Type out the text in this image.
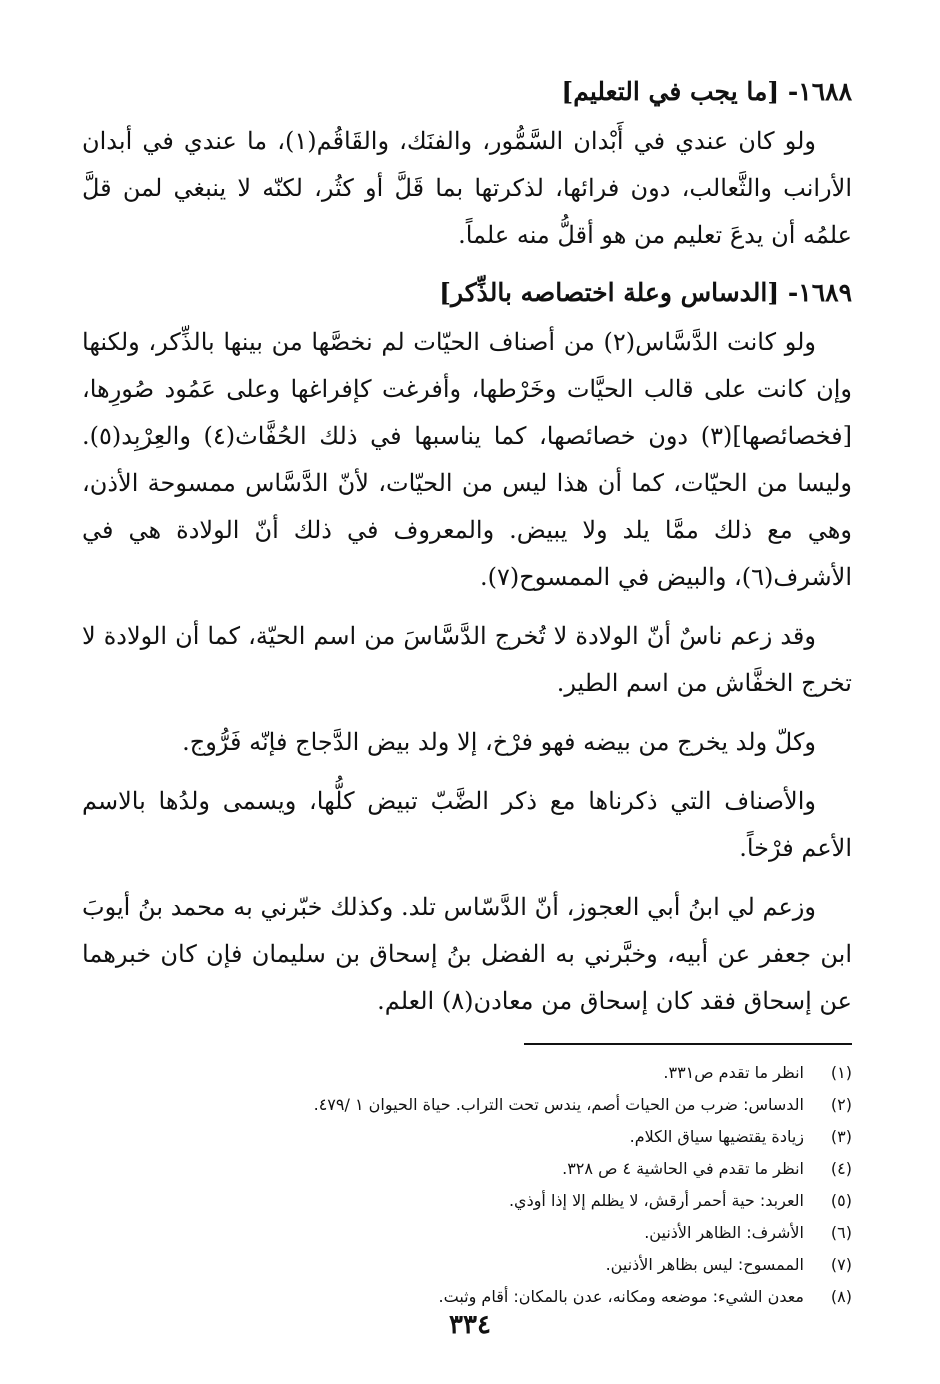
١٦٨٨- [ما يجب في التعليم]

ولو كان عندي في أَبْدان السَّمُّور، والفنَك، والقَاقُم(١)، ما عندي في أبدان الأرانب والثَّعالب، دون فرائها، لذكرتها بما قَلَّ أو كثُر، لكنّه لا ينبغي لمن قلَّ علمُه أن يدعَ تعليم من هو أقلُّ منه علماً.

١٦٨٩- [الدساس وعلة اختصاصه بالذِّكر]

ولو كانت الدَّسَّاس(٢) من أصناف الحيّات لم نخصَّها من بينها بالذِّكر، ولكنها وإن كانت على قالب الحيَّات وخَرْطها، وأفرغت كإفراغها وعلى عَمُود صُورِها، [فخصائصها](٣) دون خصائصها، كما يناسبها في ذلك الحُفَّاث(٤) والعِرْبِد(٥). وليسا من الحيّات، كما أن هذا ليس من الحيّات، لأنّ الدَّسَّاس ممسوحة الأذن، وهي مع ذلك ممَّا يلد ولا يبيض. والمعروف في ذلك أنّ الولادة هي في الأشرف(٦)، والبيض في الممسوح(٧).

وقد زعم ناسٌ أنّ الولادة لا تُخرج الدَّسَّاسَ من اسم الحيّة، كما أن الولادة لا تخرج الخفَّاش من اسم الطير.

وكلّ ولد يخرج من بيضه فهو فرْخ، إلا ولد بيض الدَّجاج فإنّه فَرُّوج.

والأصناف التي ذكرناها مع ذكر الضَّبّ تبيض كلُّها، ويسمى ولدُها بالاسم الأعم فرْخاً.

وزعم لي ابنُ أبي العجوز، أنّ الدَّسّاس تلد. وكذلك خبّرني به محمد بنُ أيوبَ ابن جعفر عن أبيه، وخبَّرني به الفضل بنُ إسحاق بن سليمان فإن كان خبرهما عن إسحاق فقد كان إسحاق من معادن(٨) العلم.

(١)
انظر ما تقدم ص٣٣١.
(٢)
الدساس: ضرب من الحيات أصم، يندس تحت التراب. حياة الحيوان ١ /٤٧٩.
(٣)
زيادة يقتضيها سياق الكلام.
(٤)
انظر ما تقدم في الحاشية ٤ ص ٣٢٨.
(٥)
العربد: حية أحمر أرقش، لا يظلم إلا إذا أوذي.
(٦)
الأشرف: الظاهر الأذنين.
(٧)
الممسوح: ليس بظاهر الأذنين.
(٨)
معدن الشيء: موضعه ومكانه، عدن بالمكان: أقام وثبت.
٣٣٤
